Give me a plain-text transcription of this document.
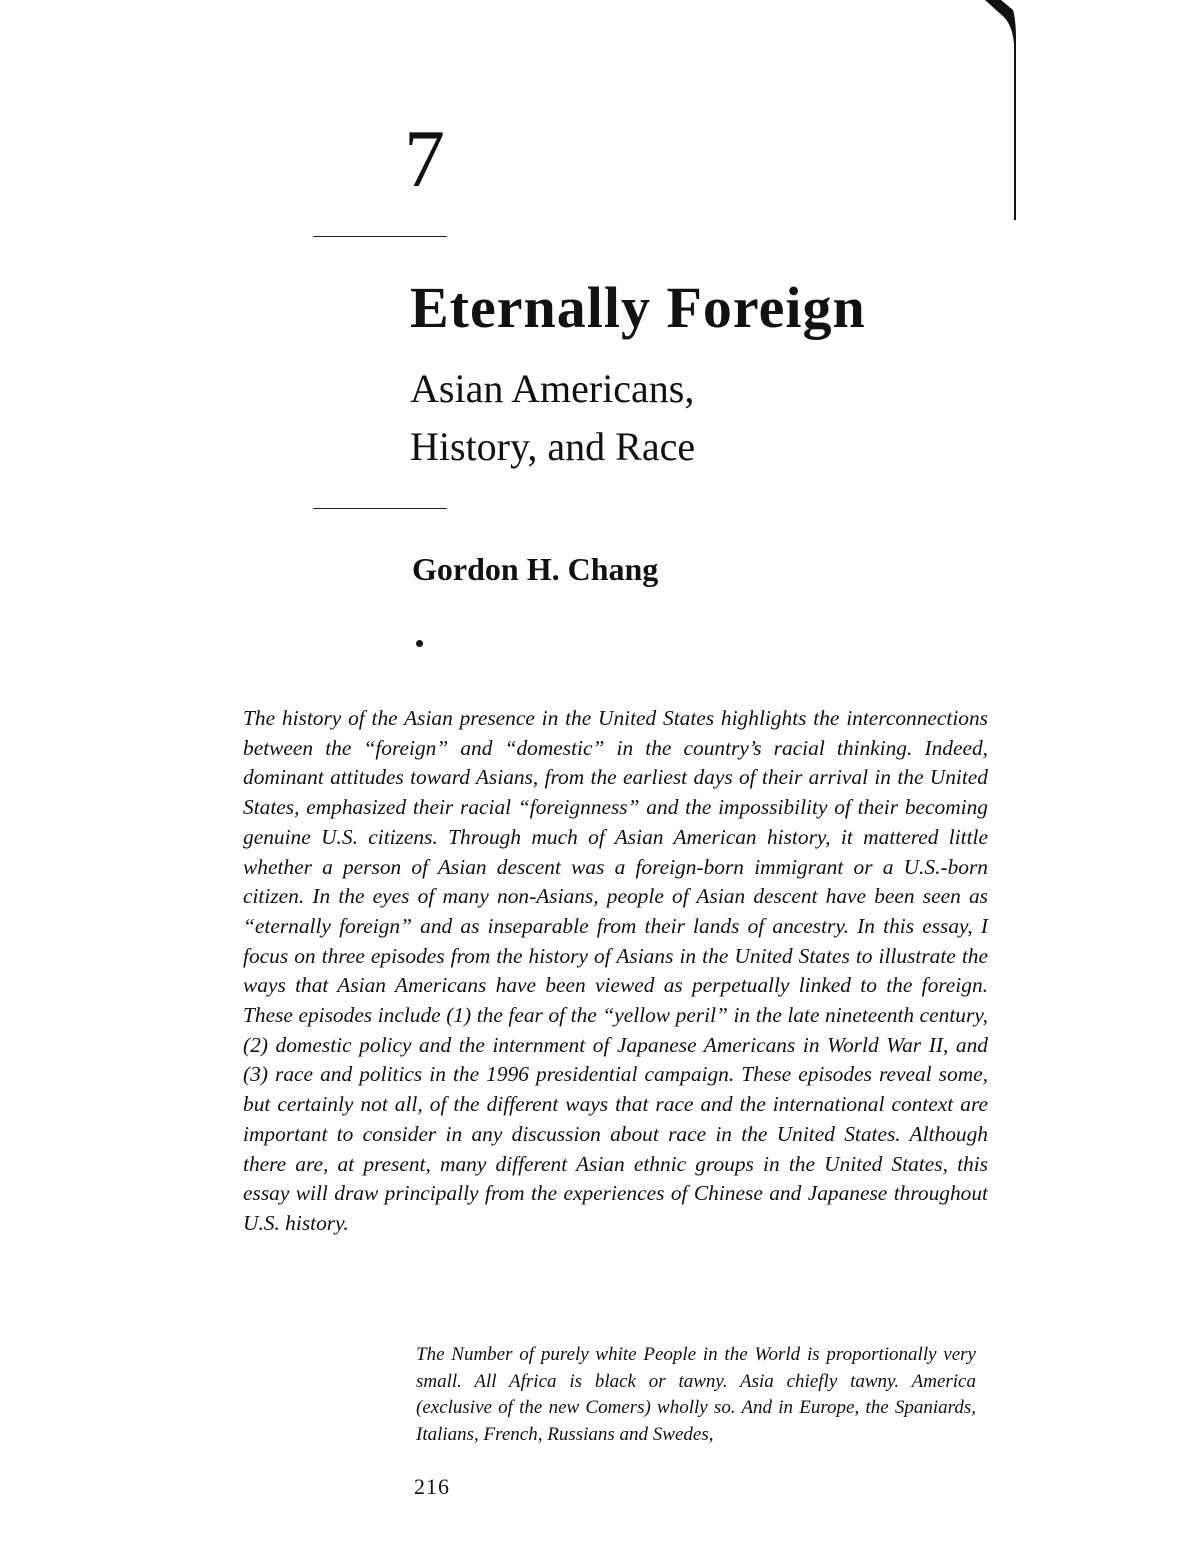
7
Eternally Foreign
Asian Americans,
History, and Race
Gordon H. Chang

The history of the Asian presence in the United States highlights the interconnections between the “foreign” and “domestic” in the country’s racial thinking. Indeed, dominant attitudes toward Asians, from the earliest days of their arrival in the United States, emphasized their racial “foreignness” and the impossibility of their becoming genuine U.S. citizens. Through much of Asian American history, it mattered little whether a person of Asian descent was a foreign-born immigrant or a U.S.-born citizen. In the eyes of many non-Asians, people of Asian descent have been seen as “eternally foreign” and as inseparable from their lands of ancestry. In this essay, I focus on three episodes from the history of Asians in the United States to illustrate the ways that Asian Americans have been viewed as perpetually linked to the foreign. These episodes include (1) the fear of the “yellow peril” in the late nineteenth century, (2) domestic policy and the internment of Japanese Americans in World War II, and (3) race and politics in the 1996 presidential campaign. These episodes reveal some, but certainly not all, of the different ways that race and the international context are important to consider in any discussion about race in the United States. Although there are, at present, many different Asian ethnic groups in the United States, this essay will draw principally from the experiences of Chinese and Japanese throughout U.S. history.

The Number of purely white People in the World is proportionally very small. All Africa is black or tawny. Asia chiefly tawny. America (exclusive of the new Comers) wholly so. And in Europe, the Spaniards, Italians, French, Russians and Swedes,

216
